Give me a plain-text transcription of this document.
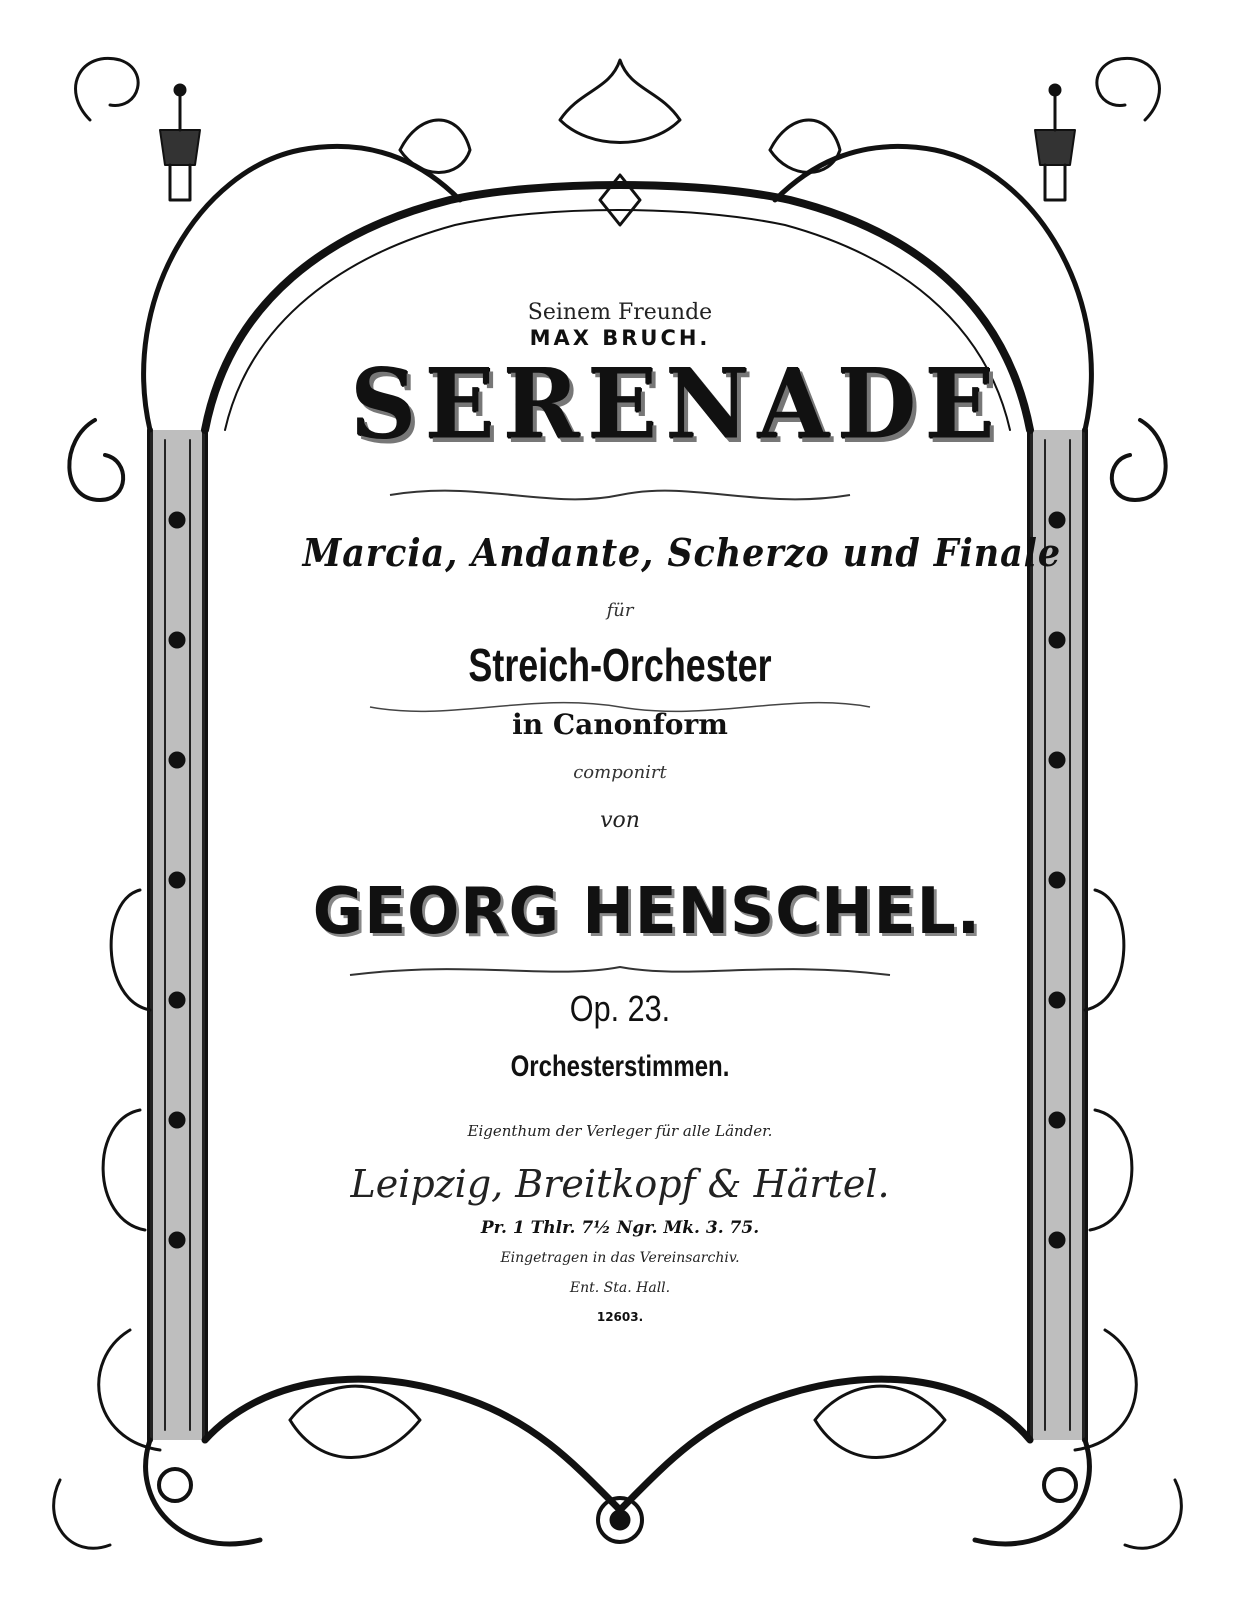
Seinem Freunde
MAX BRUCH.
SERENADE
Marcia, Andante, Scherzo und Finale
für
Streich-Orchester
in Canonform
componirt
von
GEORG HENSCHEL.
Op. 23.
Orchesterstimmen.
Eigenthum der Verleger für alle Länder.
Leipzig, Breitkopf & Härtel.
Pr. 1 Thlr. 7½ Ngr. Mk. 3. 75.
Eingetragen in das Vereinsarchiv.
Ent. Sta. Hall.
12603.
